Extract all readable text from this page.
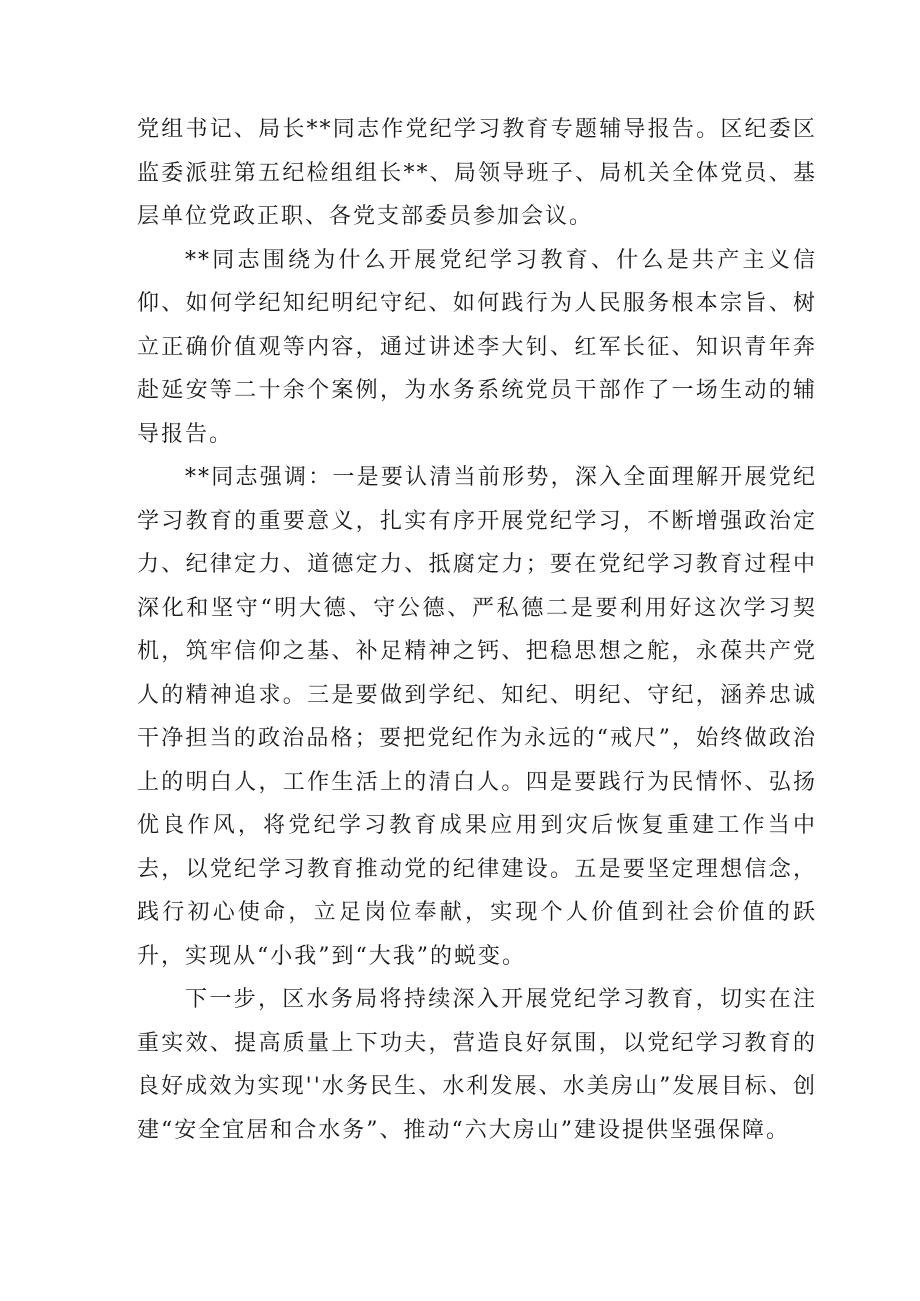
党组书记、局长**同志作党纪学习教育专题辅导报告。区纪委区监委派驻第五纪检组组长**、局领导班子、局机关全体党员、基层单位党政正职、各党支部委员参加会议。

**同志围绕为什么开展党纪学习教育、什么是共产主义信仰、如何学纪知纪明纪守纪、如何践行为人民服务根本宗旨、树立正确价值观等内容，通过讲述李大钊、红军长征、知识青年奔赴延安等二十余个案例，为水务系统党员干部作了一场生动的辅导报告。

**同志强调：一是要认清当前形势，深入全面理解开展党纪学习教育的重要意义，扎实有序开展党纪学习，不断增强政治定力、纪律定力、道德定力、抵腐定力；要在党纪学习教育过程中深化和坚守“明大德、守公德、严私德二是要利用好这次学习契机，筑牢信仰之基、补足精神之钙、把稳思想之舵，永葆共产党人的精神追求。三是要做到学纪、知纪、明纪、守纪，涵养忠诚干净担当的政治品格；要把党纪作为永远的“戒尺”，始终做政治上的明白人，工作生活上的清白人。四是要践行为民情怀、弘扬优良作风，将党纪学习教育成果应用到灾后恢复重建工作当中去，以党纪学习教育推动党的纪律建设。五是要坚定理想信念，践行初心使命，立足岗位奉献，实现个人价值到社会价值的跃升，实现从“小我”到“大我”的蜕变。

下一步，区水务局将持续深入开展党纪学习教育，切实在注重实效、提高质量上下功夫，营造良好氛围，以党纪学习教育的良好成效为实现''水务民生、水利发展、水美房山”发展目标、创建“安全宜居和合水务”、推动“六大房山”建设提供坚强保障。
